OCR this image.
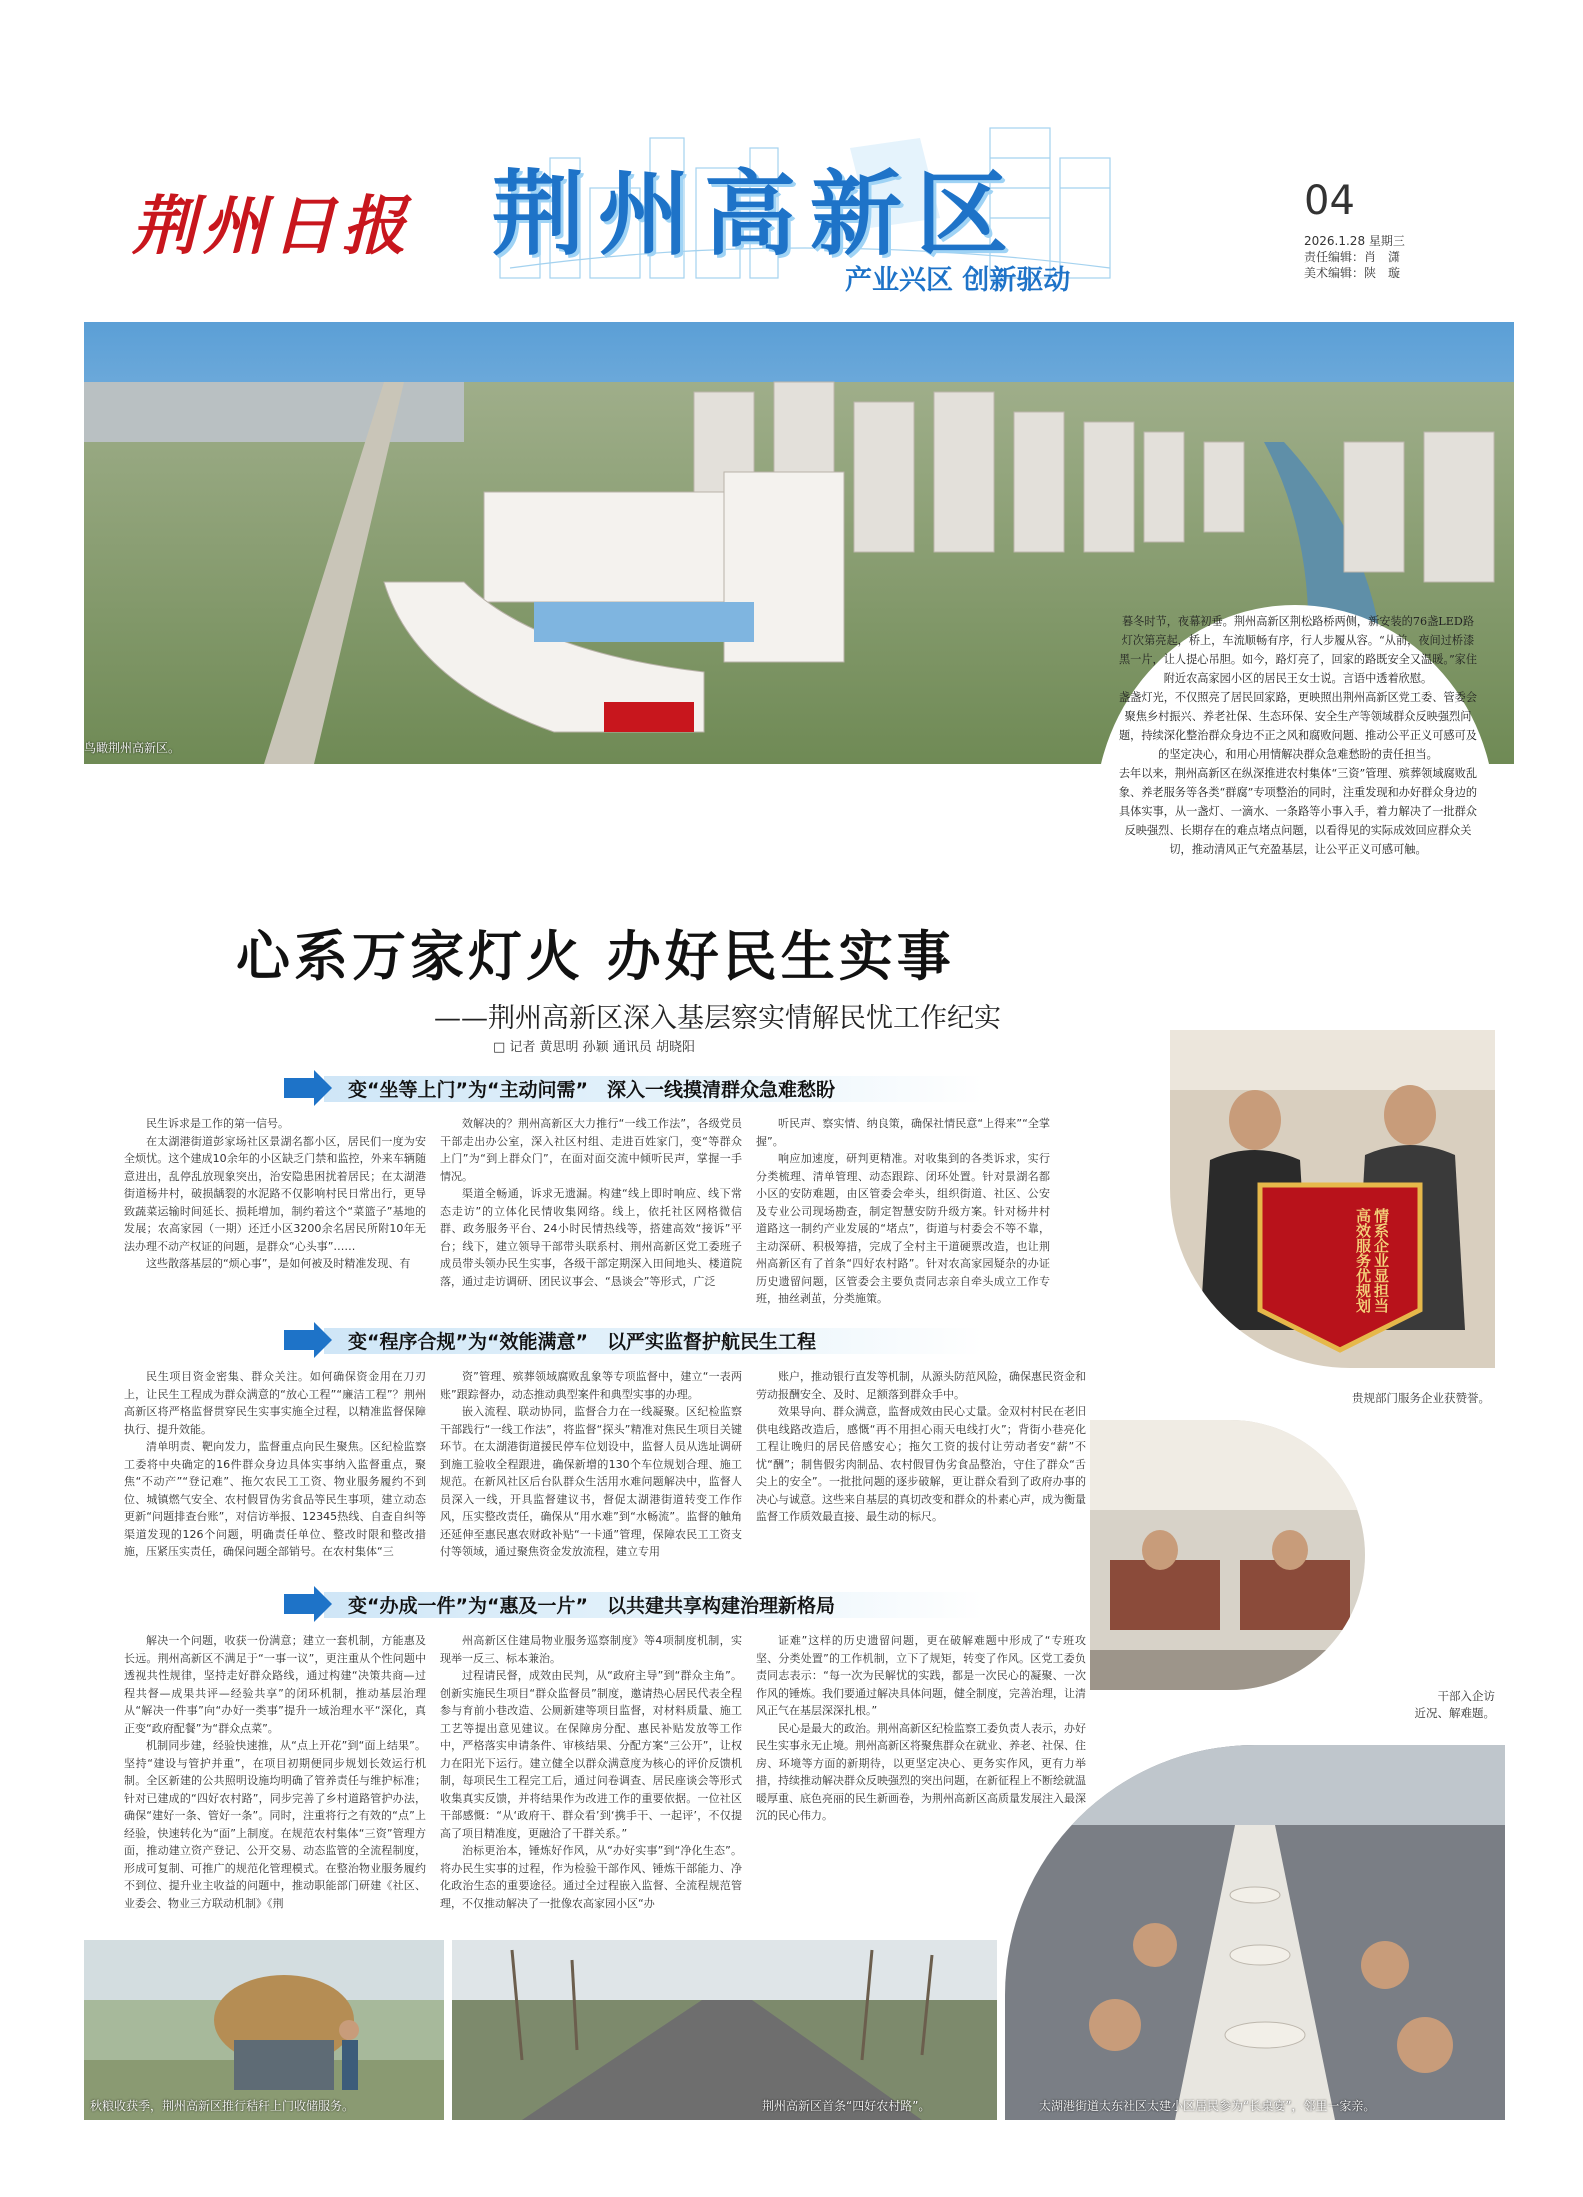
荆州日报 荆州高新区
产业兴区 创新驱动
04
2026.1.28 星期三
责任编辑：肖　潇
美术编辑：陕　璇
鸟瞰荆州高新区。

暮冬时节，夜幕初垂。荆州高新区荆松路桥两侧，新安装的76盏LED路灯次第亮起，桥上，车流顺畅有序，行人步履从容。“从前，夜间过桥漆黑一片，让人提心吊胆。如今，路灯亮了，回家的路既安全又温暖。”家住附近农高家园小区的居民王女士说。言语中透着欣慰。

盏盏灯光，不仅照亮了居民回家路，更映照出荆州高新区党工委、管委会聚焦乡村振兴、养老社保、生态环保、安全生产等领域群众反映强烈问题，持续深化整治群众身边不正之风和腐败问题、推动公平正义可感可及的坚定决心，和用心用情解决群众急难愁盼的责任担当。

去年以来，荆州高新区在纵深推进农村集体“三资”管理、殡葬领域腐败乱象、养老服务等各类“群腐”专项整治的同时，注重发现和办好群众身边的具体实事，从一盏灯、一滴水、一条路等小事入手，着力解决了一批群众反映强烈、长期存在的难点堵点问题，以看得见的实际成效回应群众关切，推动清风正气充盈基层，让公平正义可感可触。

心系万家灯火 办好民生实事
——荆州高新区深入基层察实情解民忧工作纪实
□ 记者 黄思明 孙颖 通讯员 胡晓阳
变“坐等上门”为“主动问需”　深入一线摸清群众急难愁盼

民生诉求是工作的第一信号。

在太湖港街道彭家场社区景湖名都小区，居民们一度为安全烦忧。这个建成10余年的小区缺乏门禁和监控，外来车辆随意进出，乱停乱放现象突出，治安隐患困扰着居民；在太湖港街道杨井村，破损龋裂的水泥路不仅影响村民日常出行，更导致蔬菜运输时间延长、损耗增加，制约着这个“菜篮子”基地的发展；农高家园（一期）还迁小区3200余名居民所附10年无法办理不动产权证的问题，是群众“心头事”……

这些散落基层的“烦心事”，是如何被及时精准发现、有

效解决的？荆州高新区大力推行“一线工作法”，各级党员干部走出办公室，深入社区村组、走进百姓家门，变“等群众上门”为“到上群众门”，在面对面交流中倾听民声，掌握一手情况。

渠道全畅通，诉求无遗漏。构建“线上即时响应、线下常态走访”的立体化民情收集网络。线上，依托社区网格微信群、政务服务平台、24小时民情热线等，搭建高效“接诉”平台；线下，建立领导干部带头联系村、荆州高新区党工委班子成员带头领办民生实事，各级干部定期深入田间地头、楼道院落，通过走访调研、团民议事会、“恳谈会”等形式，广泛

听民声、察实情、纳良策，确保社情民意“上得来”“全掌握”。

响应加速度，研判更精准。对收集到的各类诉求，实行分类梳理、清单管理、动态跟踪、闭环处置。针对景湖名都小区的安防难题，由区管委会牵头，组织街道、社区、公安及专业公司现场勘查，制定智慧安防升级方案。针对杨井村道路这一制约产业发展的“堵点”，街道与村委会不等不靠，主动深研、积极筹措，完成了全村主干道硬票改造，也让荆州高新区有了首条“四好农村路”。针对农高家园疑杂的办证历史遗留问题，区管委会主要负责同志亲自牵头成立工作专班，抽丝剥茧，分类施策。

变“程序合规”为“效能满意”　以严实监督护航民生工程

民生项目资金密集、群众关注。如何确保资金用在刀刃上，让民生工程成为群众满意的“放心工程”“廉洁工程”？荆州高新区将严格监督贯穿民生实事实施全过程，以精准监督保障执行、提升效能。

清单明责、靶向发力，监督重点向民生聚焦。区纪检监察工委将中央确定的16件群众身边具体实事纳入监督重点，聚焦“不动产”“登记难”、拖欠农民工工资、物业服务履约不到位、城镇燃气安全、农村假冒伪劣食品等民生事项，建立动态更新“问题排查台账”，对信访举报、12345热线、自查自纠等渠道发现的126个问题，明确责任单位、整改时限和整改措施，压紧压实责任，确保问题全部销号。在农村集体“三

资”管理、殡葬领域腐败乱象等专项监督中，建立“一表两账”跟踪督办，动态推动典型案件和典型实事的办理。

嵌入流程、联动协同，监督合力在一线凝聚。区纪检监察干部践行“一线工作法”，将监督“探头”精准对焦民生项目关键环节。在太湖港街道援民停车位划设中，监督人员从选址调研到施工验收全程跟进，确保新增的130个车位规划合理、施工规范。在新风社区后台队群众生活用水难问题解决中，监督人员深入一线，开具监督建议书，督促太湖港街道转变工作作风，压实整改责任，确保从“用水难”到“水畅流”。监督的触角还延伸至惠民惠农财政补贴“一卡通”管理，保障农民工工资支付等领域，通过聚焦资金发放流程，建立专用

账户，推动银行直发等机制，从源头防范风险，确保惠民资金和劳动报酬安全、及时、足额落到群众手中。

效果导向、群众满意，监督成效由民心丈量。金双村村民在老旧供电线路改造后，感慨“再不用担心雨天电线打火”；背街小巷亮化工程让晚归的居民倍感安心；拖欠工资的拔付让劳动者安“薪”不忧“酬”；制售假劣肉制品、农村假冒伪劣食品整治，守住了群众“舌尖上的安全”。一批批问题的逐步破解，更让群众看到了政府办事的决心与诚意。这些来自基层的真切改变和群众的朴素心声，成为衡量监督工作质效最直接、最生动的标尺。

变“办成一件”为“惠及一片”　以共建共享构建治理新格局

解决一个问题，收获一份满意；建立一套机制，方能惠及长远。荆州高新区不满足于“一事一议”，更注重从个性问题中透视共性规律，坚持走好群众路线，通过构建“决策共商—过程共督—成果共评—经验共享”的闭环机制，推动基层治理从“解决一件事”向“办好一类事”提升一域治理水平“深化，真正变“政府配餐”为“群众点菜”。

机制同步建，经验快速推，从“点上开花”到“面上结果”。坚持“建设与管护并重”，在项目初期便同步规划长效运行机制。全区新建的公共照明设施均明确了管养责任与维护标准；针对已建成的“四好农村路”，同步完善了乡村道路管护办法，确保“建好一条、管好一条”。同时，注重将行之有效的“点”上经验，快速转化为“面”上制度。在规范农村集体“三资”管理方面，推动建立资产登记、公开交易、动态监管的全流程制度，形成可复制、可推广的规范化管理模式。在整治物业服务履约不到位、提升业主收益的问题中，推动职能部门研建《社区、业委会、物业三方联动机制》《荆

州高新区住建局物业服务巡察制度》等4项制度机制，实现举一反三、标本兼治。

过程请民督，成效由民判，从“政府主导”到“群众主角”。创新实施民生项目“群众监督员”制度，邀请热心居民代表全程参与育前小巷改造、公厕新建等项目监督，对材料质量、施工工艺等提出意见建议。在保障房分配、惠民补贴发放等工作中，严格落实申请条件、审核结果、分配方案“三公开”，让权力在阳光下运行。建立健全以群众满意度为核心的评价反馈机制，每项民生工程完工后，通过问卷调查、居民座谈会等形式收集真实反馈，并将结果作为改进工作的重要依据。一位社区干部感慨：“从‘政府干、群众看’到‘携手干、一起评’，不仅提高了项目精准度，更融洽了干群关系。”

治标更治本，锤炼好作风，从“办好实事”到“净化生态”。将办民生实事的过程，作为检验干部作风、锤炼干部能力、净化政治生态的重要途径。通过全过程嵌入监督、全流程规范管理，不仅推动解决了一批像农高家园小区“办

证难”这样的历史遗留问题，更在破解难题中形成了“专班攻坚、分类处置”的工作机制，立下了规矩，转变了作风。区党工委负责同志表示：“每一次为民解忧的实践，都是一次民心的凝聚、一次作风的锤炼。我们要通过解决具体问题，健全制度，完善治理，让清风正气在基层深深扎根。”

民心是最大的政治。荆州高新区纪检监察工委负责人表示，办好民生实事永无止境。荆州高新区将聚焦群众在就业、养老、社保、住房、环境等方面的新期待，以更坚定决心、更务实作风，更有力举措，持续推动解决群众反映强烈的突出问题，在新征程上不断绘就温暖厚重、底色亮丽的民生新画卷，为荆州高新区高质量发展注入最深沉的民心伟力。

情系企业显担当 高效服务优规划
贵规部门服务企业获赞誉。
干部入企访
近况、解难题。
太湖港街道太东社区太建小区居民参为“长桌宴”，邻里一家亲。
秋粮收获季，荆州高新区推行秸秆上门收储服务。	荆州高新区首条“四好农村路”。
